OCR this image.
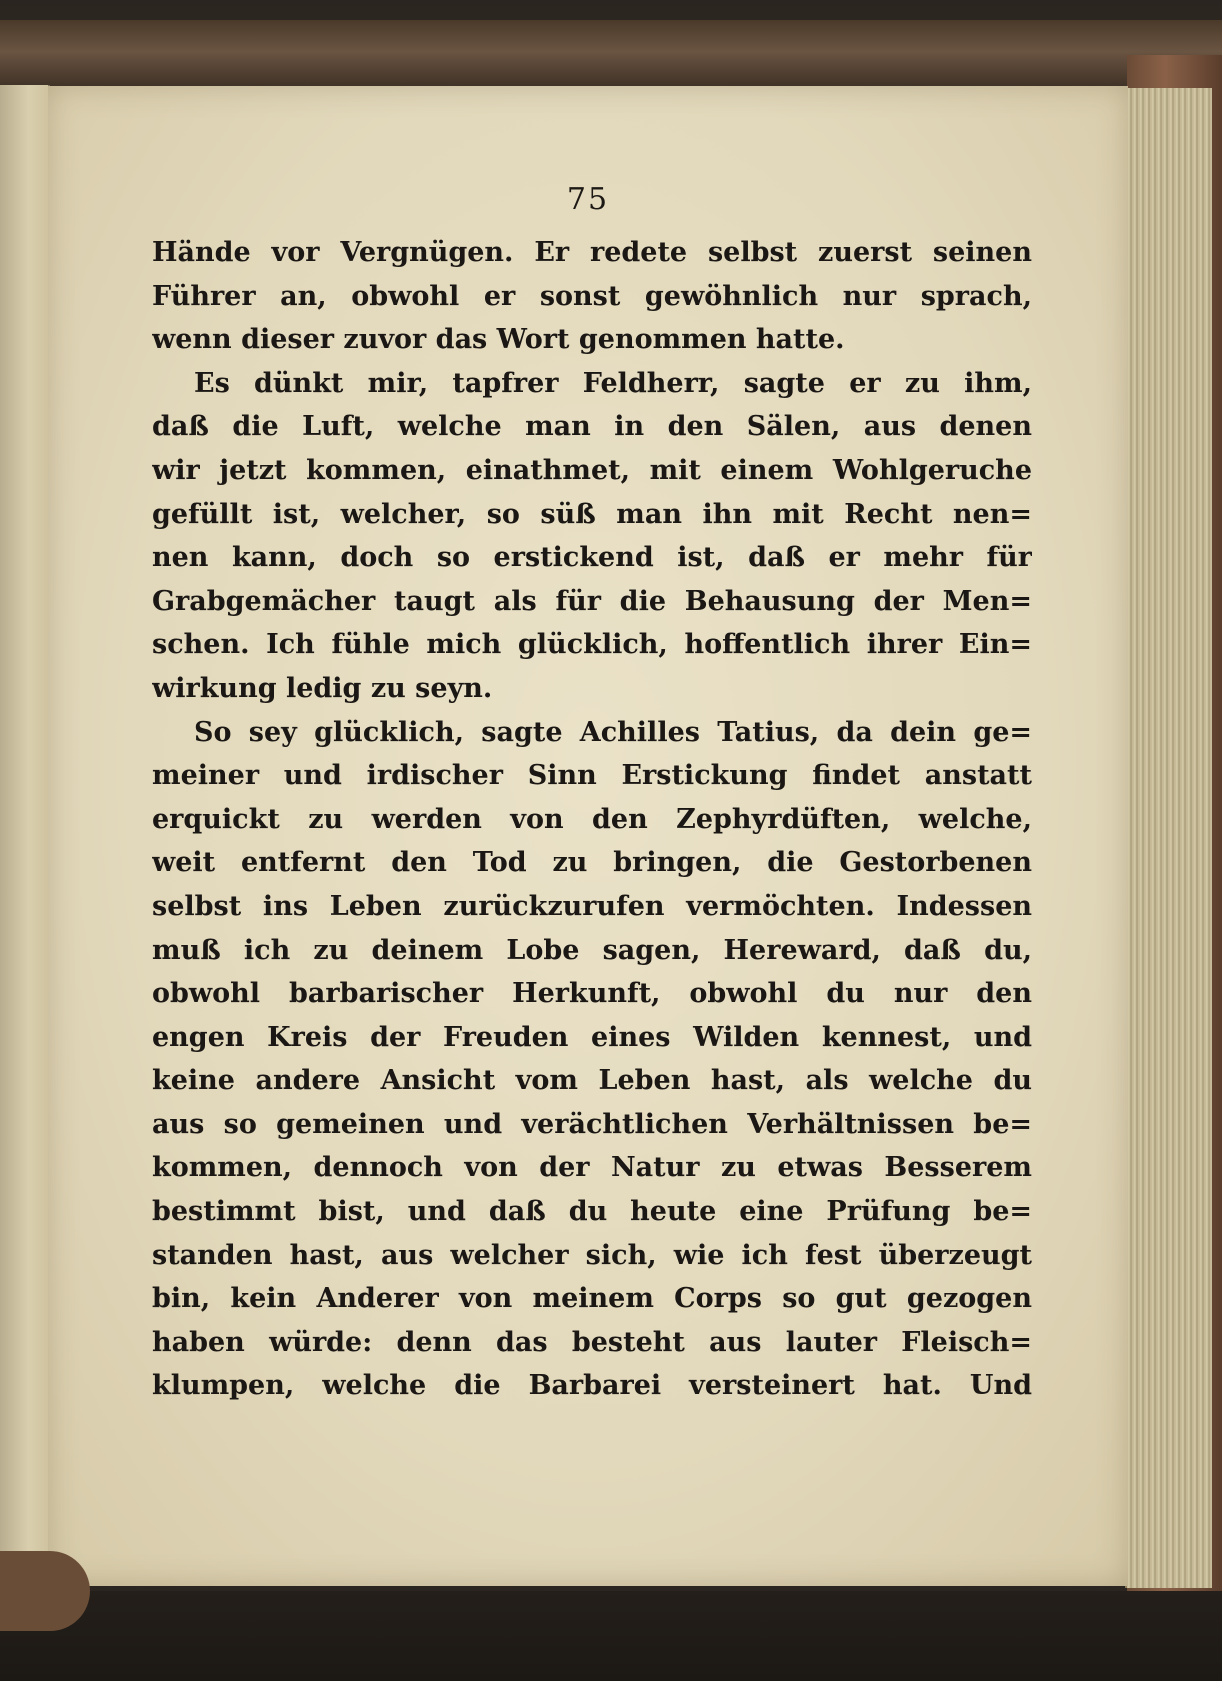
75
Hände vor Vergnügen. Er redete selbst zuerst seinen
Führer an, obwohl er sonst gewöhnlich nur sprach,
wenn dieser zuvor das Wort genommen hatte.
Es dünkt mir, tapfrer Feldherr, sagte er zu ihm,
daß die Luft, welche man in den Sälen, aus denen
wir jetzt kommen, einathmet, mit einem Wohlgeruche
gefüllt ist, welcher, so süß man ihn mit Recht nen=
nen kann, doch so erstickend ist, daß er mehr für
Grabgemächer taugt als für die Behausung der Men=
schen. Ich fühle mich glücklich, hoffentlich ihrer Ein=
wirkung ledig zu seyn.
So sey glücklich, sagte Achilles Tatius, da dein ge=
meiner und irdischer Sinn Erstickung findet anstatt
erquickt zu werden von den Zephyrdüften, welche,
weit entfernt den Tod zu bringen, die Gestorbenen
selbst ins Leben zurückzurufen vermöchten. Indessen
muß ich zu deinem Lobe sagen, Hereward, daß du,
obwohl barbarischer Herkunft, obwohl du nur den
engen Kreis der Freuden eines Wilden kennest, und
keine andere Ansicht vom Leben hast, als welche du
aus so gemeinen und verächtlichen Verhältnissen be=
kommen, dennoch von der Natur zu etwas Besserem
bestimmt bist, und daß du heute eine Prüfung be=
standen hast, aus welcher sich, wie ich fest überzeugt
bin, kein Anderer von meinem Corps so gut gezogen
haben würde: denn das besteht aus lauter Fleisch=
klumpen, welche die Barbarei versteinert hat. Und
